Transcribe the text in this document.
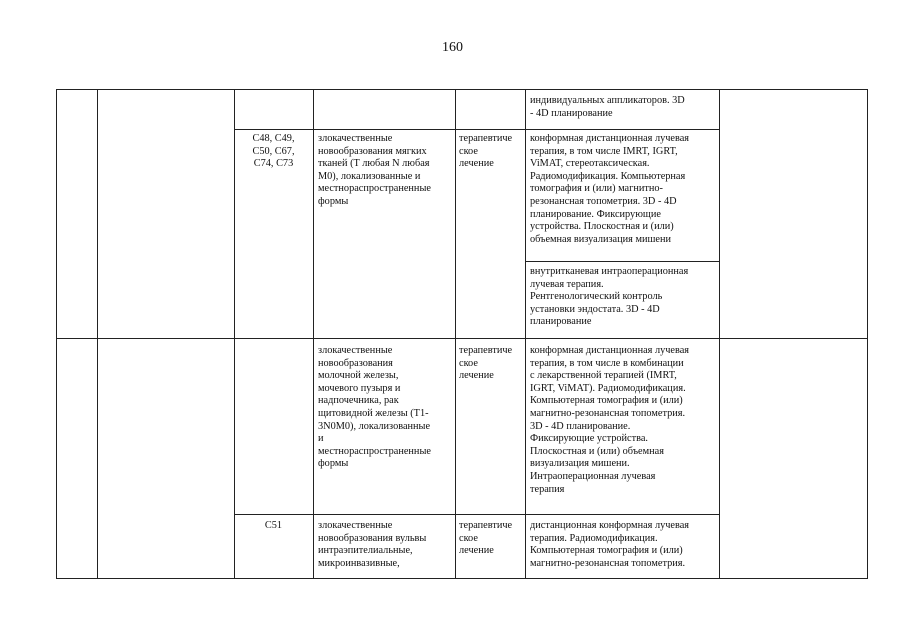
160
индивидуальных аппликаторов. 3D
- 4D планирование
C48, C49,
C50, C67,
C74, C73
злокачественные
новообразования мягких
тканей (T любая N любая
M0), локализованные и
местнораспространенные
формы
терапевтиче
ское
лечение
конформная дистанционная лучевая
терапия, в том числе IMRT, IGRT,
ViMAT, стереотаксическая.
Радиомодификация. Компьютерная
томография и (или) магнитно-
резонансная топометрия. 3D - 4D
планирование. Фиксирующие
устройства. Плоскостная и (или)
объемная визуализация мишени
внутритканевая интраоперационная
лучевая терапия.
Рентгенологический контроль
установки эндостата. 3D - 4D
планирование
злокачественные
новообразования
молочной железы,
мочевого пузыря и
надпочечника, рак
щитовидной железы (T1-
3N0M0), локализованные
и
местнораспространенные
формы
терапевтиче
ское
лечение
конформная дистанционная лучевая
терапия, в том числе в комбинации
с лекарственной терапией (IMRT,
IGRT, ViMAT). Радиомодификация.
Компьютерная томография и (или)
магнитно-резонансная топометрия.
3D - 4D планирование.
Фиксирующие устройства.
Плоскостная и (или) объемная
визуализация мишени.
Интраоперационная лучевая
терапия
C51	злокачественные
новообразования вульвы
интраэпителиальные,
микроинвазивные,
терапевтиче
ское
лечение
дистанционная конформная лучевая
терапия. Радиомодификация.
Компьютерная томография и (или)
магнитно-резонансная топометрия.
